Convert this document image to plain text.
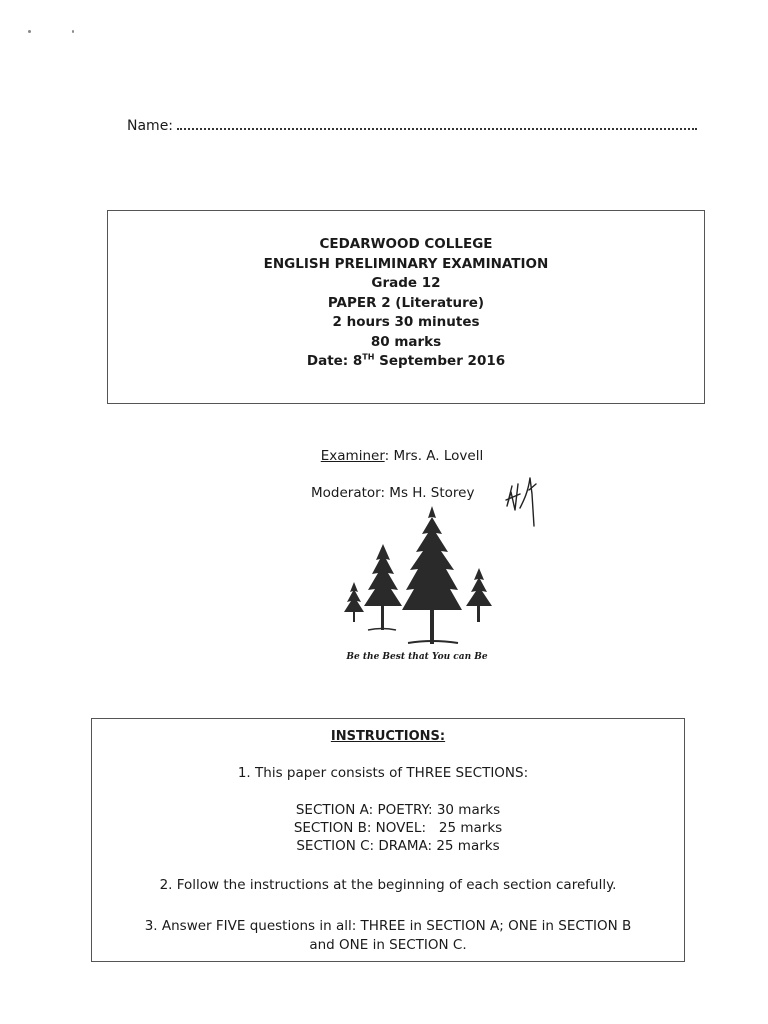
Name:
CEDARWOOD COLLEGE
ENGLISH PRELIMINARY EXAMINATION
Grade 12
PAPER 2 (Literature)
2 hours 30 minutes
80 marks
Date: 8TH September 2016
Examiner: Mrs. A. Lovell
Moderator: Ms H. Storey
Be the Best that You can Be
INSTRUCTIONS:
1. This paper consists of THREE SECTIONS:
SECTION A: POETRY: 30 marks
SECTION B: NOVEL:   25 marks
SECTION C: DRAMA: 25 marks
2. Follow the instructions at the beginning of each section carefully.
3. Answer FIVE questions in all: THREE in SECTION A; ONE in SECTION B
and ONE in SECTION C.
